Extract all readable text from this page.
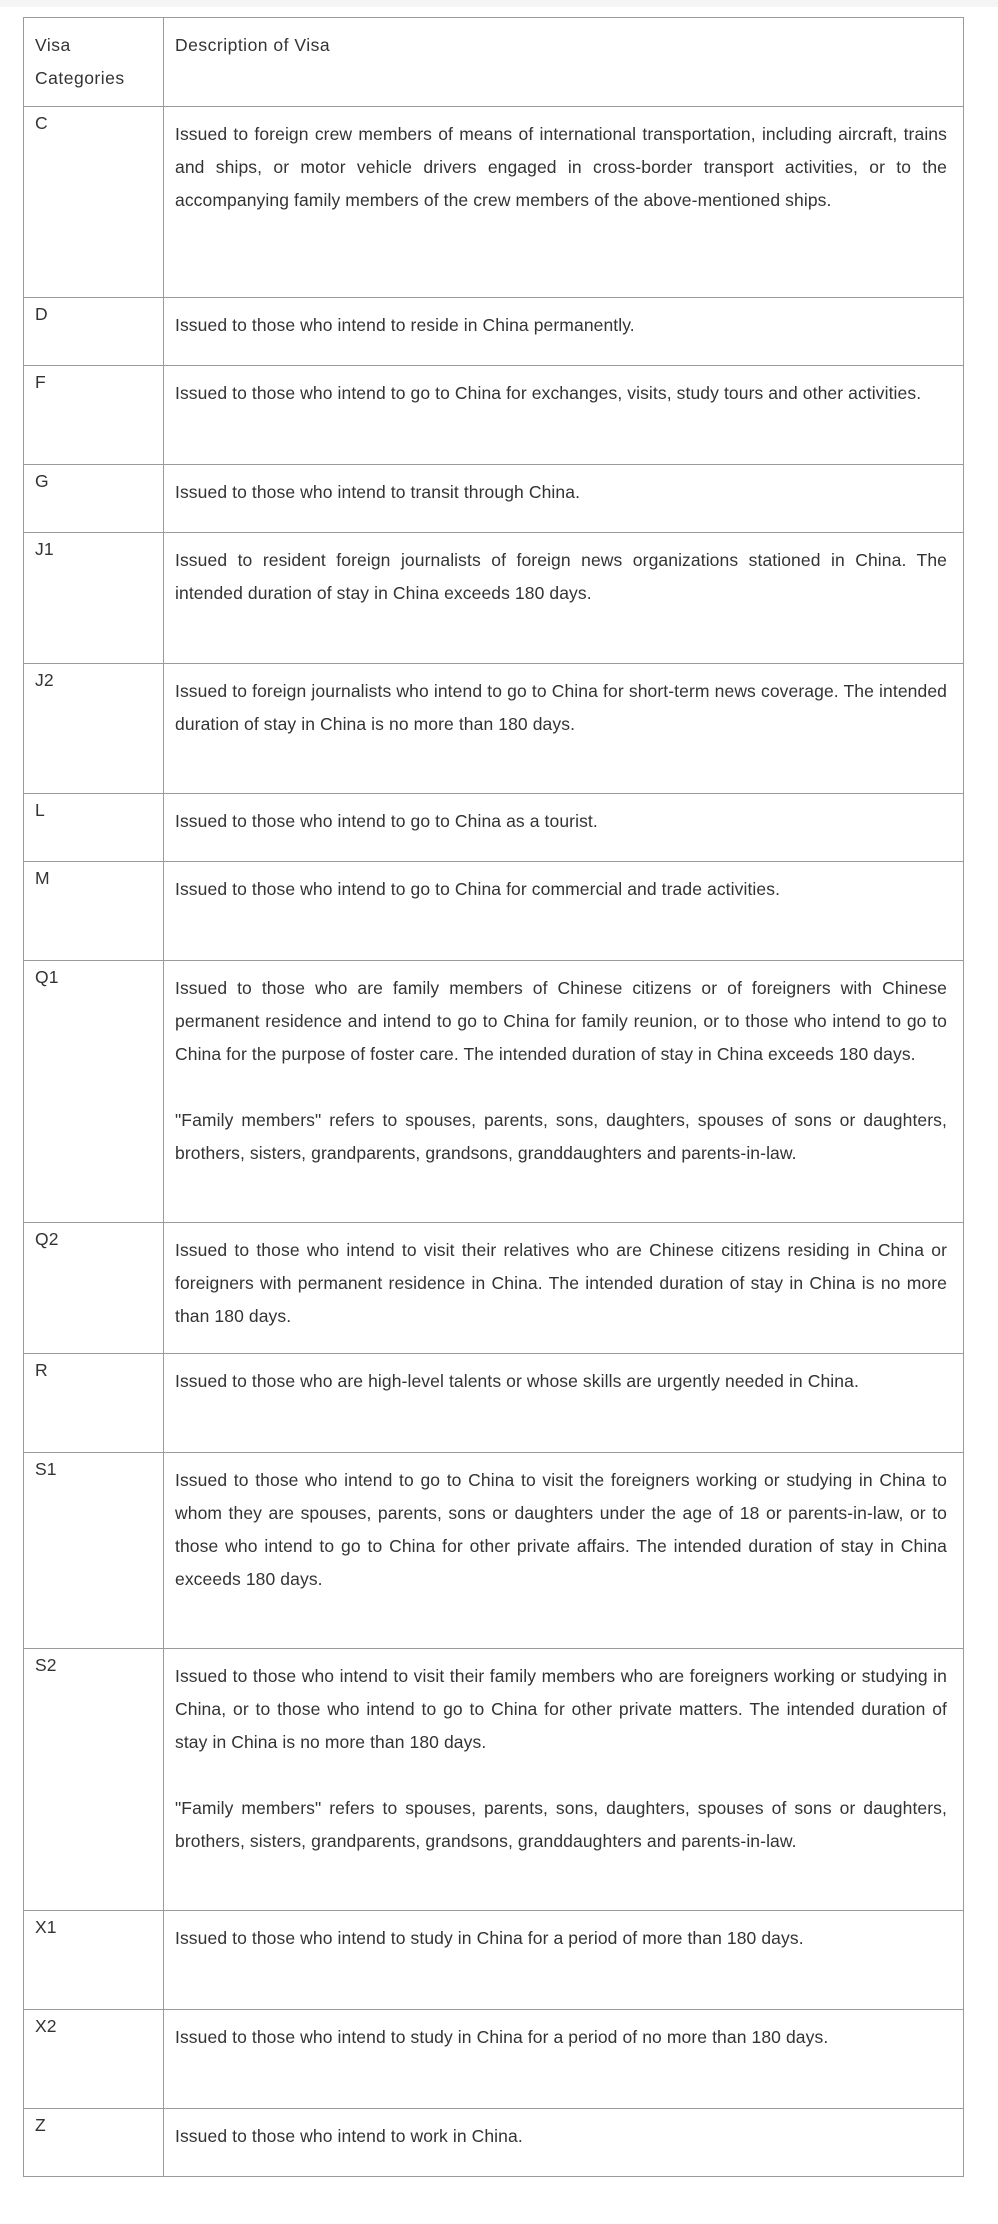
Visa Categories	Description of Visa

C	Issued to foreign crew members of means of international transportation, including aircraft, trains and ships, or motor vehicle drivers engaged in cross-border transport activities, or to the accompanying family members of the crew members of the above-mentioned ships.

D	Issued to those who intend to reside in China permanently.

F	Issued to those who intend to go to China for exchanges, visits, study tours and other activities.

G	Issued to those who intend to transit through China.

J1	Issued to resident foreign journalists of foreign news organizations stationed in China. The intended duration of stay in China exceeds 180 days.

J2	Issued to foreign journalists who intend to go to China for short-term news coverage. The intended duration of stay in China is no more than 180 days.

L	Issued to those who intend to go to China as a tourist.

M	Issued to those who intend to go to China for commercial and trade activities.

Q1	Issued to those who are family members of Chinese citizens or of foreigners with Chinese permanent residence and intend to go to China for family reunion, or to those who intend to go to China for the purpose of foster care. The intended duration of stay in China exceeds 180 days.

"Family members" refers to spouses, parents, sons, daughters, spouses of sons or daughters, brothers, sisters, grandparents, grandsons, granddaughters and parents-in-law.

Q2	Issued to those who intend to visit their relatives who are Chinese citizens residing in China or foreigners with permanent residence in China. The intended duration of stay in China is no more than 180 days.

R	Issued to those who are high-level talents or whose skills are urgently needed in China.

S1	Issued to those who intend to go to China to visit the foreigners working or studying in China to whom they are spouses, parents, sons or daughters under the age of 18 or parents-in-law, or to those who intend to go to China for other private affairs. The intended duration of stay in China exceeds 180 days.

S2	Issued to those who intend to visit their family members who are foreigners working or studying in China, or to those who intend to go to China for other private matters. The intended duration of stay in China is no more than 180 days.

"Family members" refers to spouses, parents, sons, daughters, spouses of sons or daughters, brothers, sisters, grandparents, grandsons, granddaughters and parents-in-law.

X1	Issued to those who intend to study in China for a period of more than 180 days.

X2	Issued to those who intend to study in China for a period of no more than 180 days.

Z	Issued to those who intend to work in China.
